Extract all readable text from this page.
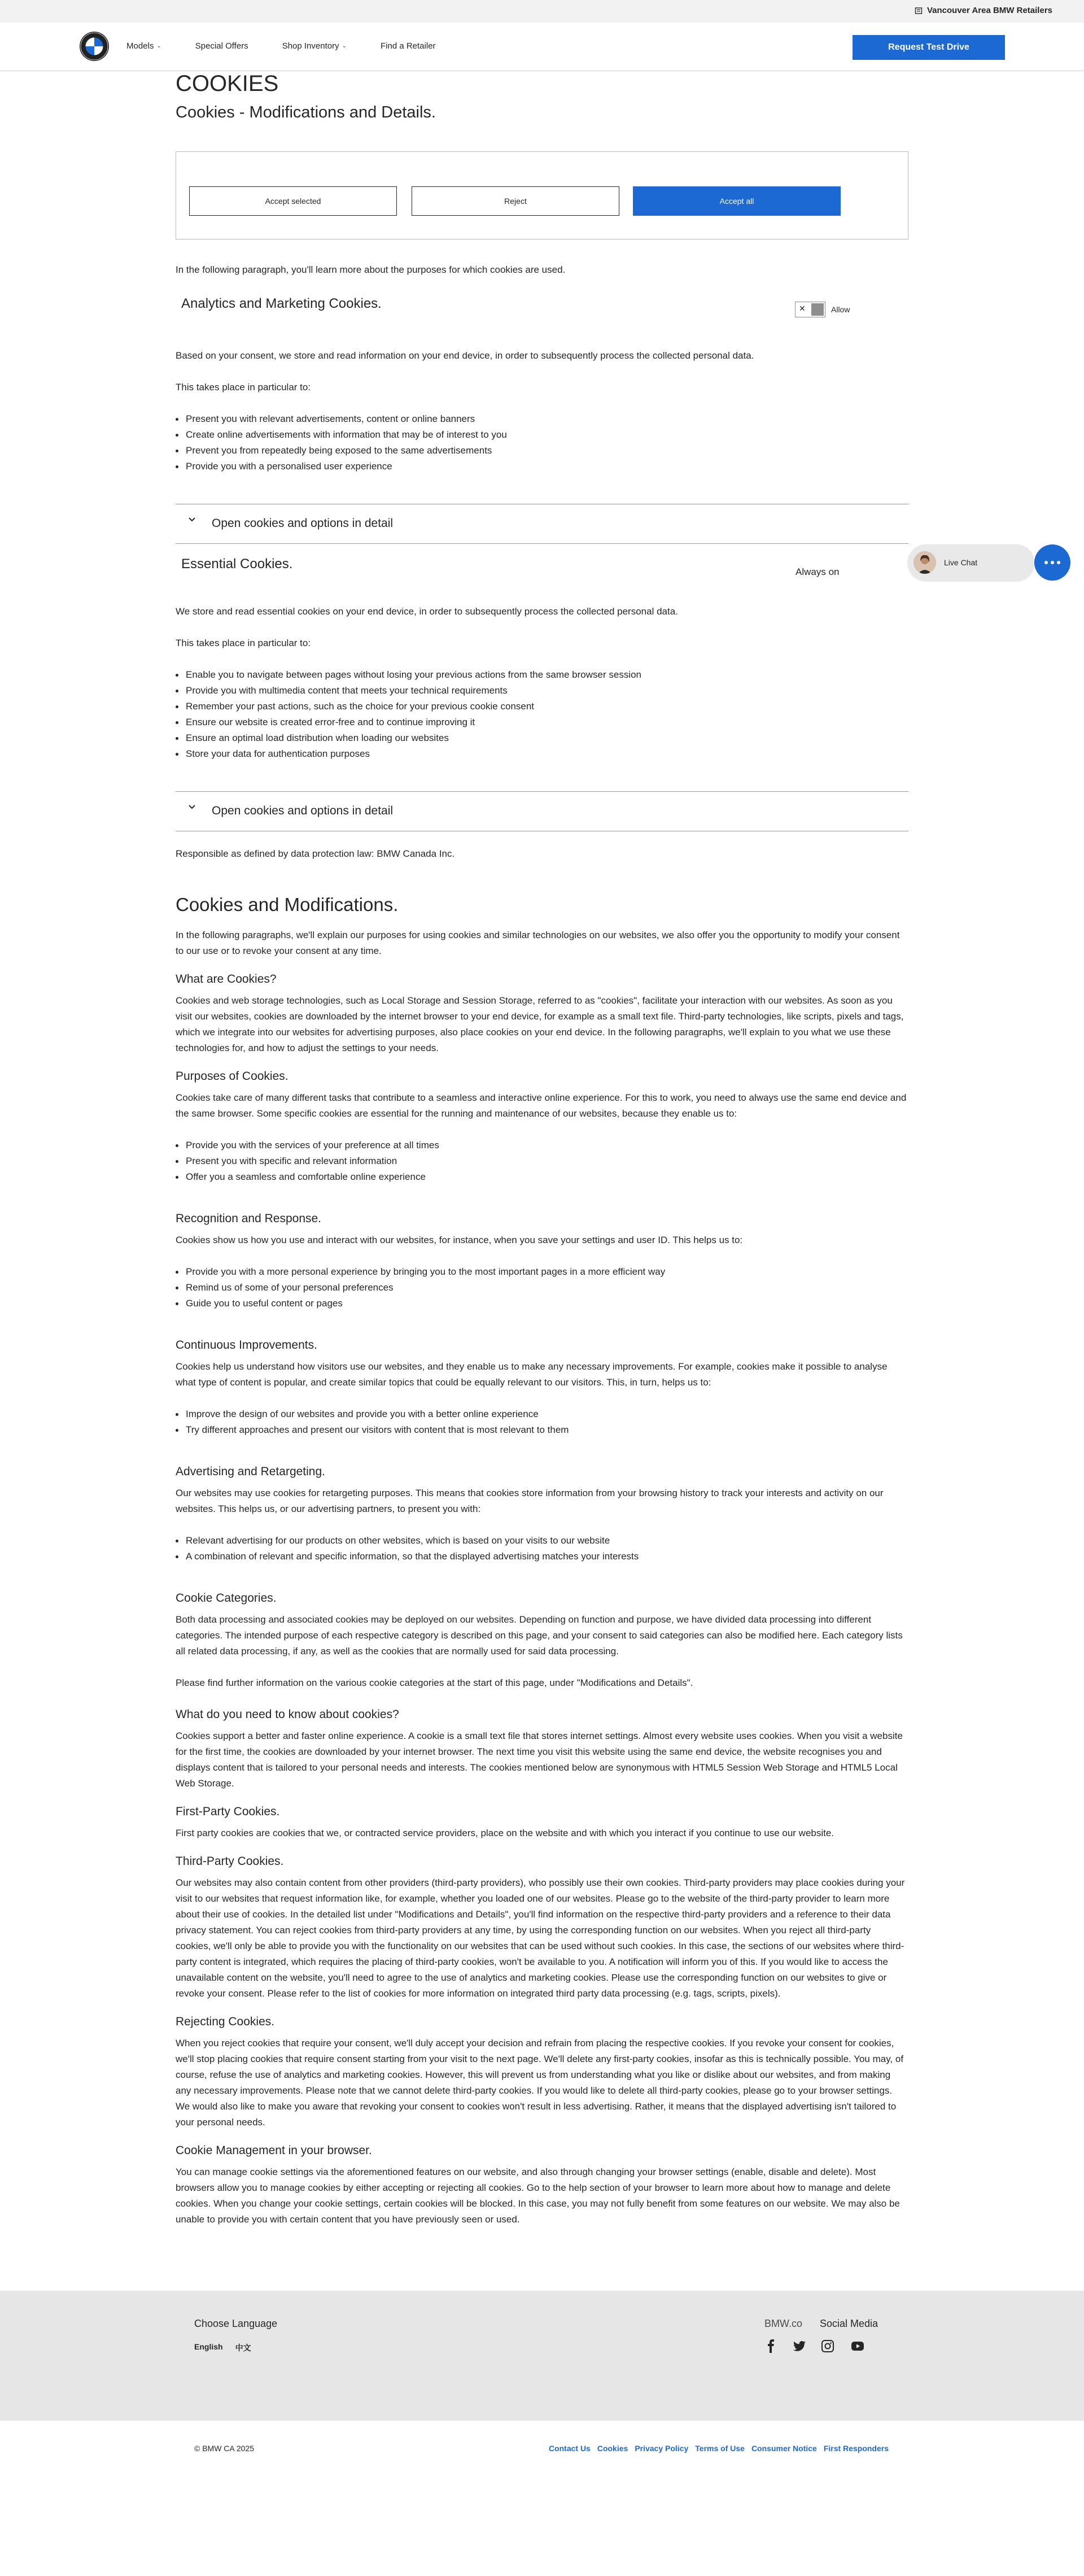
Vancouver Area BMW Retailers
Models ⌄	Special Offers	Shop Inventory ⌄	Find a Retailer	Request Test Drive
COOKIES
Cookies - Modifications and Details.
Accept selected	Reject	Accept all
In the following paragraph, you'll learn more about the purposes for which cookies are used.
Analytics and Marketing Cookies.	✕	Allow
Based on your consent, we store and read information on your end device, in order to subsequently process the collected personal data.
This takes place in particular to:
Present you with relevant advertisements, content or online banners
Create online advertisements with information that may be of interest to you
Prevent you from repeatedly being exposed to the same advertisements
Provide you with a personalised user experience
Open cookies and options in detail
Essential Cookies.
Always on
We store and read essential cookies on your end device, in order to subsequently process the collected personal data.
This takes place in particular to:
Enable you to navigate between pages without losing your previous actions from the same browser session
Provide you with multimedia content that meets your technical requirements
Remember your past actions, such as the choice for your previous cookie consent
Ensure our website is created error-free and to continue improving it
Ensure an optimal load distribution when loading our websites
Store your data for authentication purposes
Open cookies and options in detail
Responsible as defined by data protection law: BMW Canada Inc.
Cookies and Modifications.
In the following paragraphs, we'll explain our purposes for using cookies and similar technologies on our websites, we also offer you the opportunity to modify your consent to our use or to revoke your consent at any time.
What are Cookies?
Cookies and web storage technologies, such as Local Storage and Session Storage, referred to as "cookies", facilitate your interaction with our websites. As soon as you visit our websites, cookies are downloaded by the internet browser to your end device, for example as a small text file. Third-party technologies, like scripts, pixels and tags, which we integrate into our websites for advertising purposes, also place cookies on your end device. In the following paragraphs, we'll explain to you what we use these technologies for, and how to adjust the settings to your needs.
Purposes of Cookies.
Cookies take care of many different tasks that contribute to a seamless and interactive online experience. For this to work, you need to always use the same end device and the same browser. Some specific cookies are essential for the running and maintenance of our websites, because they enable us to:
Provide you with the services of your preference at all times
Present you with specific and relevant information
Offer you a seamless and comfortable online experience
Recognition and Response.
Cookies show us how you use and interact with our websites, for instance, when you save your settings and user ID. This helps us to:
Provide you with a more personal experience by bringing you to the most important pages in a more efficient way
Remind us of some of your personal preferences
Guide you to useful content or pages
Continuous Improvements.
Cookies help us understand how visitors use our websites, and they enable us to make any necessary improvements. For example, cookies make it possible to analyse what type of content is popular, and create similar topics that could be equally relevant to our visitors. This, in turn, helps us to:
Improve the design of our websites and provide you with a better online experience
Try different approaches and present our visitors with content that is most relevant to them
Advertising and Retargeting.
Our websites may use cookies for retargeting purposes. This means that cookies store information from your browsing history to track your interests and activity on our websites. This helps us, or our advertising partners, to present you with:
Relevant advertising for our products on other websites, which is based on your visits to our website
A combination of relevant and specific information, so that the displayed advertising matches your interests
Cookie Categories.
Both data processing and associated cookies may be deployed on our websites. Depending on function and purpose, we have divided data processing into different categories. The intended purpose of each respective category is described on this page, and your consent to said categories can also be modified here. Each category lists all related data processing, if any, as well as the cookies that are normally used for said data processing.
Please find further information on the various cookie categories at the start of this page, under "Modifications and Details".
What do you need to know about cookies?
Cookies support a better and faster online experience. A cookie is a small text file that stores internet settings. Almost every website uses cookies. When you visit a website for the first time, the cookies are downloaded by your internet browser. The next time you visit this website using the same end device, the website recognises you and displays content that is tailored to your personal needs and interests. The cookies mentioned below are synonymous with HTML5 Session Web Storage and HTML5 Local Web Storage.
First-Party Cookies.
First party cookies are cookies that we, or contracted service providers, place on the website and with which you interact if you continue to use our website.
Third-Party Cookies.
Our websites may also contain content from other providers (third-party providers), who possibly use their own cookies. Third-party providers may place cookies during your visit to our websites that request information like, for example, whether you loaded one of our websites. Please go to the website of the third-party provider to learn more about their use of cookies. In the detailed list under "Modifications and Details", you'll find information on the respective third-party providers and a reference to their data privacy statement. You can reject cookies from third-party providers at any time, by using the corresponding function on our websites. When you reject all third-party cookies, we'll only be able to provide you with the functionality on our websites that can be used without such cookies. In this case, the sections of our websites where third-party content is integrated, which requires the placing of third-party cookies, won't be available to you. A notification will inform you of this. If you would like to access the unavailable content on the website, you'll need to agree to the use of analytics and marketing cookies. Please use the corresponding function on our websites to give or revoke your consent. Please refer to the list of cookies for more information on integrated third party data processing (e.g. tags, scripts, pixels).
Rejecting Cookies.
When you reject cookies that require your consent, we'll duly accept your decision and refrain from placing the respective cookies. If you revoke your consent for cookies, we'll stop placing cookies that require consent starting from your visit to the next page. We'll delete any first-party cookies, insofar as this is technically possible. You may, of course, refuse the use of analytics and marketing cookies. However, this will prevent us from understanding what you like or dislike about our websites, and from making any necessary improvements. Please note that we cannot delete third-party cookies. If you would like to delete all third-party cookies, please go to your browser settings. We would also like to make you aware that revoking your consent to cookies won't result in less advertising. Rather, it means that the displayed advertising isn't tailored to your personal needs.
Cookie Management in your browser.
You can manage cookie settings via the aforementioned features on our website, and also through changing your browser settings (enable, disable and delete). Most browsers allow you to manage cookies by either accepting or rejecting all cookies. Go to the help section of your browser to learn more about how to manage and delete cookies. When you change your cookie settings, certain cookies will be blocked. In this case, you may not fully benefit from some features on our website. We may also be unable to provide you with certain content that you have previously seen or used.
Live Chat
Choose Language
English 中文
BMW.co Social Media
© BMW CA 2025	Contact Us Cookies Privacy Policy Terms of Use Consumer Notice First Responders
